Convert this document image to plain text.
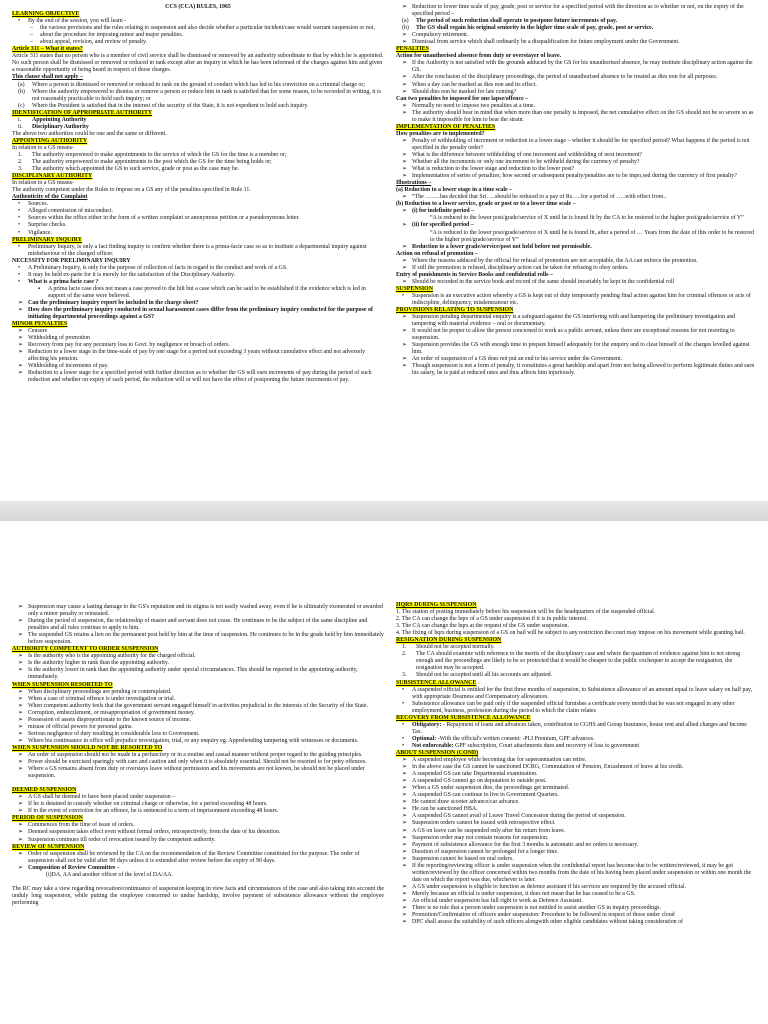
CCS (CCA) RULES, 1965
LEARNING OBJECTIVE
•	By the end of the session, you will learn -
–	the various provisions and the rules relating to suspension and also decide whether a particular incident/case would warrant suspension or not,
–	about the procedure for imposing minor and major penalties.
–	about appeal, revision, and review of penalty.
Article 311 – What it states?
Article 311 states that no person who is a member of civil service shall be dismissed or removed by an authority subordinate to that by which he is appointed.
No such person shall be dismissed or removed or reduced in rank except after an inquiry in which he has been informed of the charges against him and given a reasonable opportunity of being heard in respect of those charges.
This clause shall not apply –
(a)	Where a person is dismissed or removed or reduced in rank on the ground of conduct which has led to his conviction on a criminal charge or;
(b)	Where the authority empowered to dismiss or remove a person or reduce him in rank is satisfied that for some reason, to be recorded in writing, it is not reasonably practicable to hold such inquiry; or
(c)	Where the President is satisfied that in the interest of the security of the State, it is not expedient to hold such inquiry.
IDENTIFICATION OF APPROPRIATE AUTHORITY
i.	Appointing Authority
ii.	Disciplinary Authority
The above two authorities could be one and the same or different.
APPOINTING AUTHORITY
In relation to a GS means-
1.	The authority empowered to make appointments to the service of which the GS for the time is a member or;
2.	The authority empowered to make appointments to the post which the GS for the time being holds or;
3.	The authority which appointed the GS to such service, grade or post as the case may be.
DISCIPLINARY AUTHORITY
In relation to a GS means-
The authority competent under the Rules to impose on a GS any of the penalties specified in Rule 11.
Authenticity of the Complaint
•	Sources.
•	Alleged commission of misconduct.
•	Sources within the office either in the form of a written complaint or anonymous petition or a pseudonymous letter.
•	Surprise checks.
•	Vigilance.
PRELIMINARY INQUIRY
•	Preliminary Inquiry, is only a fact finding inquiry to confirm whether there is a prima-facie case so as to institute a departmental inquiry against misbehaviour of the charged officer.
NECESSITY FOR PRELIMINARY INQUIRY
•	A Preliminary Inquiry, is only for the purpose of collection of facts in regard to the conduct and work of a GS.
•	It may be held ex-parte for it is merely for the satisfaction of the Disciplinary Authority.
•	What is a prima facie case ?
▪	A prima facie case does not mean a case proved to the hilt but a case which can be said to be established if the evidence which is led in support of the same were believed.
➢ Can the preliminary inquiry report be included in the charge sheet?
➢ How does the preliminary inquiry conducted in sexual harassment cases differ from the preliminary inquiry conducted for the purpose of initiating departmental proceedings against a GS?
MINOR PENALTIES
➢ Censure
➢ Withholding of promotion
➢ Recovery from pay for any pecuniary loss to Govt. by negligence or breach of orders.
➢ Reduction to a lower stage in the time-scale of pay by one stage for a period not exceeding 3 years without cumulative effect and not adversely affecting his pension.
➢ Withholding of increments of pay.
➢ Reduction to a lower stage for a specified period with further direction as to whether the GS will earn increments of pay during the period of such reduction and whether on expiry of such period, the reduction will or will not have the effect of postponing the future increments of pay.
➢ Reduction to lower time scale of pay, grade, post or service for a specified period with the direction as to whether or not, on the expiry of the specified period –
(a)	The period of such reduction shall operate to postpone future increments of pay.
(b)	The GS shall regain his original seniority in the higher time scale of pay, grade, post or service.
➢ Compulsory retirement.
➢ Dismissal from service which shall ordinarily be a disqualification for future employment under the Government.
PENALTIES
Action for unauthorised absence from duty or overstayer of leave.
➢ If the Authority is not satisfied with the grounds adduced by the GS for his unauthorised absence, he may institute disciplinary action against the GS.
➢ After the conclusion of the disciplinary proceedings, the period of unauthorised absence to be treated as dies non for all purposes.
➢ When a day can be marked as dies non and its effect.
➢ Should dies non be marked for late coming?
Can two penalties be imposed for one lapse/offence –
➢ Normally no need to impose two penalties at a time.
➢ The authority should bear in mind that when more than one penalty is imposed, the net cumulative effect on the GS should not be so severe so as to make it impossible for him to bear the strain.
IMPLEMENTATION OF PENALTIES
How penalties are to implemented?
➢ Penalty of withholding of increment or reduction to a lower stage – whether it should be for specified period? What happens if the period is not specified in the penalty order?
➢ What is the difference between withholding of one increment and withholding of next increment?
➢ Whether all the increments or only one increment to be withheld during the currency of penalty?
➢ What is reduction to the lower stage and reduction to the lower post?
➢ Implementation of series of penalties; how second or subsequent penalty/penalties are to be impo,sed during the currency of first penalty?
Illustrations –
(a) Reduction to a lower stage in a time scale –
➢ “The ……..has decided that Sri…..should be reduced to a pay of Rs…..for a period of …..with effect from..
(b) Reduction to a lower service, grade or post or to a lower time scale –
➢ (i) for indefinite period –
“A is reduced to the lower post/grade/service of X until he is found fit by the CA to be restored to the higher post/grade/service of Y”
➢ (ii) for specified period –
“A is reduced to the lower post/grade/service of X until he is found fit, after a period of … Years from the date of this order to be restored to the higher post/grade/service of Y”
➢ Reduction to a lower grade/service/post not held before not permissible.
Action on refusal of promotion –
➢ Where the reasons adduced by the official for refusal of promotion are not acceptable, the AA can enforce the promotion.
➢ If still the promotion is refused, disciplinary action can be taken for refusing to obey orders.
Entry of punishments in Service Books and confidential rolls –
➢ Should be recorded in the service book and record of the same should invariably be kept in the confidential roll
SUSPENSION
•	Suspension is an executive action whereby a GS is kept out of duty temporarily pending final action against him for criminal offences or acts of indiscipline, delinquency, misdemeanour etc.
PROVISIONS RELATING TO SUSPENSION
➢ Suspension pending departmental enquiry is a safeguard against the GS interfering with and hampering the preliminary investigation and tampering with material evidence – oral or documentary.
➢ It would not be proper to allow the person concerned to work as a public servant, unless there are exceptional reasons for not resorting to suspension.
➢ Suspension provides the GS with enough time to prepare himself adequately for the enquiry and to clear himself of the charges levelled against him.
➢ An order of suspension of a GS does not put an end to his service under the Government.
➢ Though suspension is not a form of penalty, it constitutes a great hardship and apart from not being allowed to perform legitimate duties and earn his salary, he is paid at reduced rates and thus affects him injuriously.
➢ Suspension may cause a lasting damage to the GS's reputation and its stigma is not easily washed away, even if he is ultimately exonerated or awarded only a minor penalty or reinstated.
➢ During the period of suspension, the relationship of master and servant does not cease. He continues to be the subject of the same discipline and penalties and all rules continue to apply to him.
➢ The suspended GS retains a lien on the permanent post held by him at the time of suspension. He continues to be in the grade held by him immediately before suspension.
AUTHORITY COMPETENT TO ORDER SUSPENSION
➢ Is the authority who is the appointing authority for the charged official.
➢ Is the authority higher in rank than the appointing authority.
➢ Is the authority lower in rank than the appointing authority under special circumstances. This should be reported to the appointing authority, immediately.
WHEN SUSPENSION RESORTED TO
➢ When disciplinary proceedings are pending or contemplated.
➢ When a case of criminal offence is under investigation or trial.
➢ When competent authority feels that the government servant engaged himself in activities prejudicial to the interests of the Security of the State.
➢ Corruption, embezzlement, or misappropriation of government money.
➢ Possession of assets disproportionate to the known source of income.
➢ misuse of official powers for personal gains.
➢ Serious negligence of duty resulting in considerable loss to Government.
➢ Where his continuance in office will prejudice investigation, trial, or any enquiry eg. Apprehending tampering with witnesses or documents.
WHEN SUSPENSION SHOULD NOT BE RESORTED TO
➢ An order of suspension should not be made in a perfunctory or in a routine and casual manner without proper regard to the guiding principles.
➢ Power should be exercised sparingly with care and caution and only when it is absolutely essential. Should not be resorted to for petty offences.
➢ Where a GS remains absent from duty or overstays leave without permission and his movements are not known, he should not be placed under suspension.
DEEMED SUSPENSION
➢ A GS shall be deemed to have been placed under suspension –
➢ If he is detained in custody whether on criminal charge or otherwise, for a period exceeding 48 hours.
➢ If in the event of conviction for an offence, he is sentenced to a term of imprisonment exceeding 48 hours.
PERIOD OF SUSPENSION
➢ Commences from the time of issue of orders.
➢ Deemed suspension takes effect even without formal orders, retrospectively, from the date of his detention.
➢ Suspension continues till order of revocation issued by the competent authority.
REVIEW OF SUSPENSION
➢ Order of suspension shall be reviewed by the CA on the recommendation of the Review Committee constituted for the purpose. The order of suspension shall not be valid after 90 days unless it is extended after review before the expiry of 90 days.
➢ Composition of Review Committee -
(i)DA, AA and another officer of the level of DA/AA.
The RC may take a view regarding revocation/continuance of suspension keeping in view facts and circumstances of the case and also taking into account the unduly long suspension, while putting the employee concerned to undue hardship, involve payment of subsistence allowance without the employee performing
HQRS DURING SUSPENSION
1. The station of posting immediately before his suspension will be the headquarters of the suspended official.
2. The CA can change the hqrs of a GS under suspension if it is in public interest.
3. The CA can change the hqrs at the request of the GS under suspension.
4. The fixing of hqrs during suspension of a GS on bail will be subject to any restriction the court may impose on his movement while granting bail.
RESIGNATION DURING SUSPENSION
1.	Should not be accepted normally.
2.	The CA should examine with reference to the merits of the disciplinary case and where the quantum of evidence against him is not strong enough and the proceedings are likely to be so protected that it would be cheaper to the public exchequer to accept the resignation, the resignation may be accepted.
3.	Should not be accepted until all his accounts are adjusted.
SUBSISTENCE ALLOWANCE
•	A suspended official is entitled for the first three months of suspension, to Subsistence allowance of an amount equal to leave salary on half pay, with appropriate Dearness and Compensatory allowances.
•	Subsistence allowance can be paid only if the suspended official furnishes a certificate every month that he was not engaged in any other employment, business, profession during the period to which the claim relates
RECOVERY FROM SUBSISTENCE ALLOWANCE
•	Obligatory: - Repayment of loans and advances taken, contribution to CGHS and Group Insurance, house rent and allied charges and Income Tax.
•	Optional: -With the official's written consent: -PLI Premium, GPF advances.
•	Not enforceable: GPF subscription, Court attachments dues and recovery of loss to government
ABOUT SUSPENSION (COND)
➢ A suspended employee while becoming due for superannuation can retire.
➢ In the above case the GS cannot be sanctioned DCRG, Commutation of Pension, Encashment of leave at his credit.
➢ A suspended GS can take Departmental examination.
➢ A suspended GS cannot go on deputation to outside post.
➢ When a GS under suspension dies, the proceedings get terminated.
➢ A suspended GS can continue to live in Government Quarters.
➢ He cannot draw scooter advance/car advance.
➢ He can be sanctioned HBA.
➢ A suspended GS cannot avail of Leave Travel Concession during the period of suspension.
➢ Suspension orders cannot be issued with retrospective effect.
➢ A GS on leave can be suspended only after his return from leave.
➢ Suspension order may not contain reasons for suspension.
➢ Payment of subsistence allowance for the first 3 months is automatic and no orders is necessary.
➢ Duration of suspension cannot be prolonged for a longer time.
➢ Suspension cannot be based on oral orders.
➢ If the reporting/reviewing officer is under suspension when the confidential report has become due to be written/reviewed, it may be got written/reviewed by the officer concerned within two months from the date of his having been placed under suspension or within one month the date on which the report was due, whichever is later.
➢ A GS under suspension is eligible to function as defence assistant if his services are required by the accused official.
➢ Merely because an official is under suspension, it does not mean that he has ceased to be a GS.
➢ An official under suspension has full right to work as Defence Assistant.
➢ There is no rule that a person under suspension is not entitled to assist another GS in inquiry proceedings.
➢ Promotion/Confirmation of officers under suspension: Procedure to be followed in respect of those under cloud
➢ DPC shall assess the suitability of such officers alongwith other eligible candidates without taking consideration of
